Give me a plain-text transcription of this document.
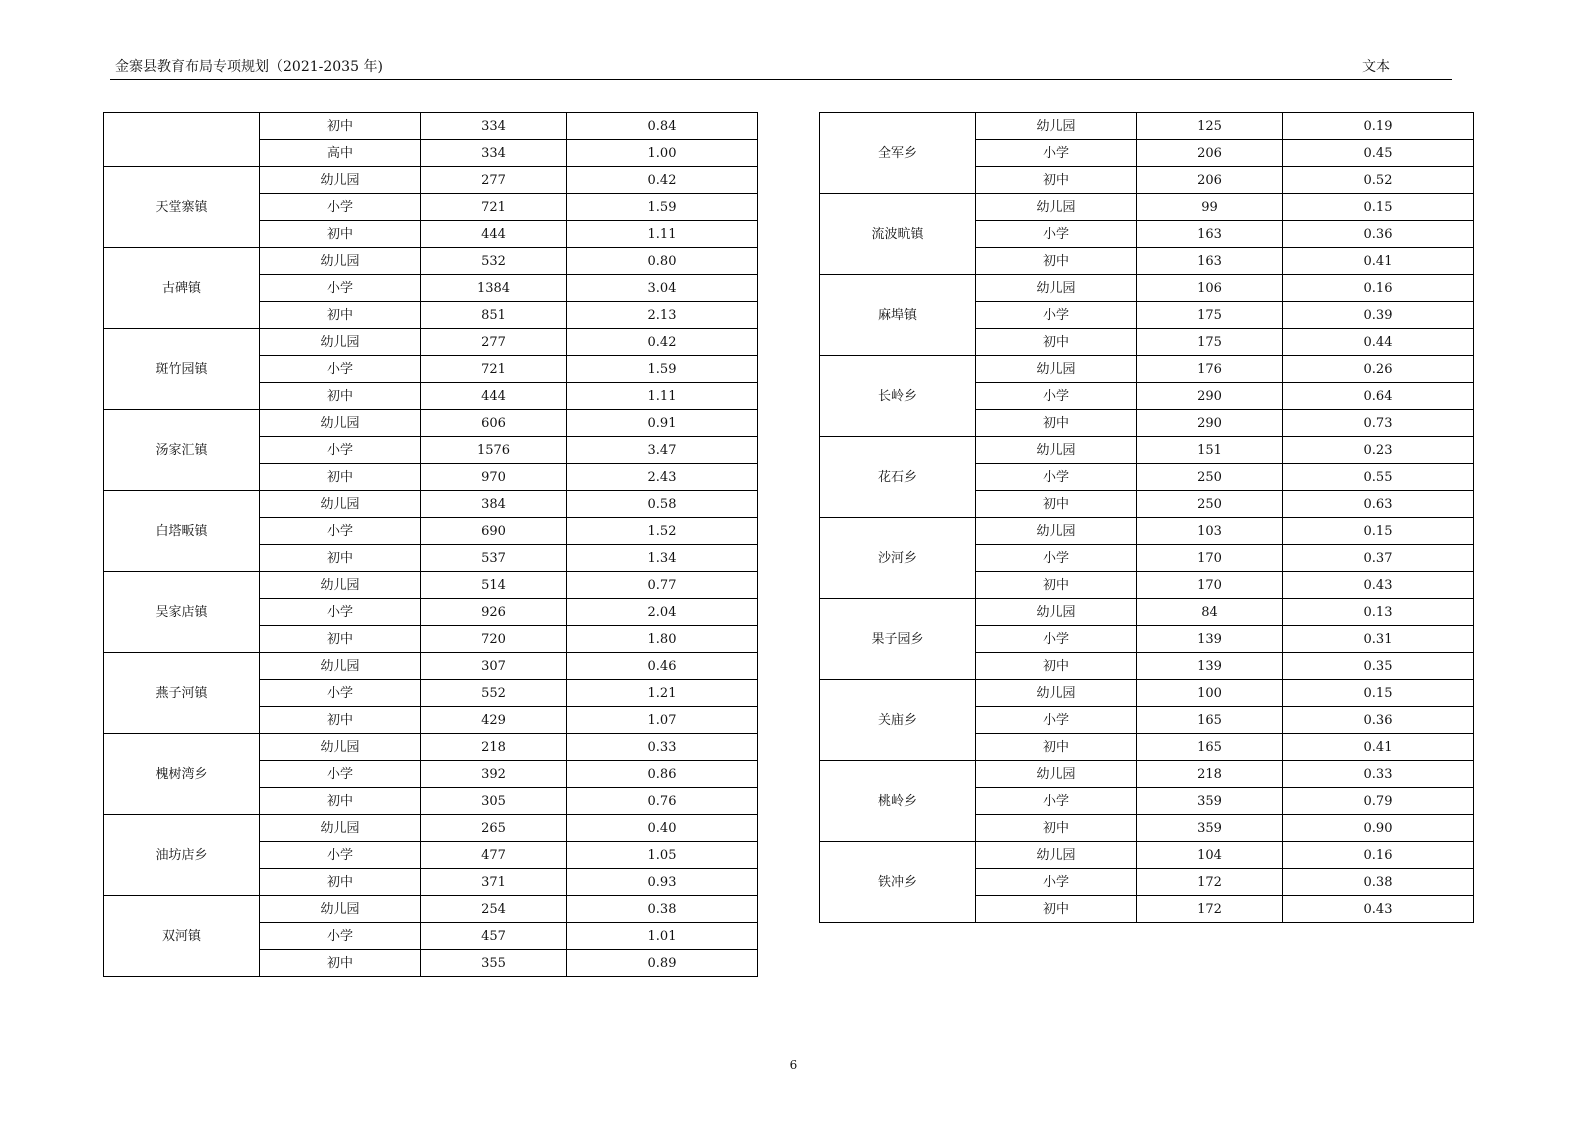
金寨县教育布局专项规划（2021-2035 年)	文本
	初中	334	0.84
	高中	334	1.00
天堂寨镇	幼儿园	277	0.42
	小学	721	1.59
	初中	444	1.11
古碑镇	幼儿园	532	0.80
	小学	1384	3.04
	初中	851	2.13
斑竹园镇	幼儿园	277	0.42
	小学	721	1.59
	初中	444	1.11
汤家汇镇	幼儿园	606	0.91
	小学	1576	3.47
	初中	970	2.43
白塔畈镇	幼儿园	384	0.58
	小学	690	1.52
	初中	537	1.34
吴家店镇	幼儿园	514	0.77
	小学	926	2.04
	初中	720	1.80
燕子河镇	幼儿园	307	0.46
	小学	552	1.21
	初中	429	1.07
槐树湾乡	幼儿园	218	0.33
	小学	392	0.86
	初中	305	0.76
油坊店乡	幼儿园	265	0.40
	小学	477	1.05
	初中	371	0.93
双河镇	幼儿园	254	0.38
	小学	457	1.01
	初中	355	0.89
全军乡	幼儿园	125	0.19
	小学	206	0.45
	初中	206	0.52
流波㽘镇	幼儿园	99	0.15
	小学	163	0.36
	初中	163	0.41
麻埠镇	幼儿园	106	0.16
	小学	175	0.39
	初中	175	0.44
长岭乡	幼儿园	176	0.26
	小学	290	0.64
	初中	290	0.73
花石乡	幼儿园	151	0.23
	小学	250	0.55
	初中	250	0.63
沙河乡	幼儿园	103	0.15
	小学	170	0.37
	初中	170	0.43
果子园乡	幼儿园	84	0.13
	小学	139	0.31
	初中	139	0.35
关庙乡	幼儿园	100	0.15
	小学	165	0.36
	初中	165	0.41
桃岭乡	幼儿园	218	0.33
	小学	359	0.79
	初中	359	0.90
铁冲乡	幼儿园	104	0.16
	小学	172	0.38
	初中	172	0.43
6
